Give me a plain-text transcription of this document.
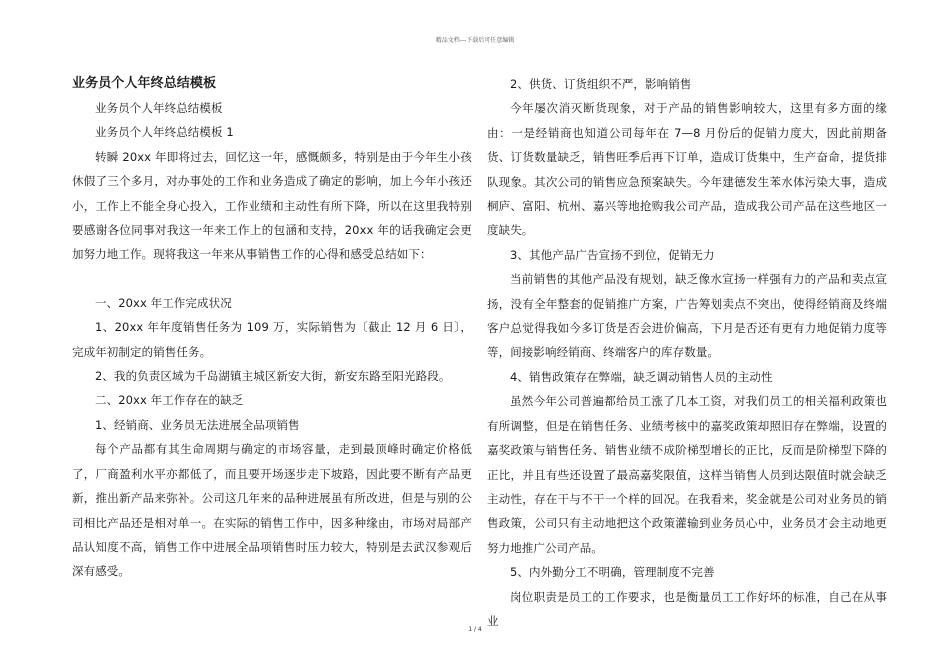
精品文档---下载后可任意编辑
业务员个人年终总结模板

业务员个人年终总结模板

业务员个人年终总结模板 1

转瞬 20xx 年即将过去，回忆这一年，感慨颇多，特别是由于今年生小孩休假了三个多月，对办事处的工作和业务造成了确定的影响，加上今年小孩还小，工作上不能全身心投入，工作业绩和主动性有所下降，所以在这里我特别要感谢各位同事对我这一年来工作上的包涵和支持，20xx 年的话我确定会更加努力地工作。现将我这一年来从事销售工作的心得和感受总结如下：

一、20xx 年工作完成状况

1、20xx 年年度销售任务为 109 万，实际销售为〔截止 12 月 6 日〕，完成年初制定的销售任务。

2、我的负责区域为千岛湖镇主城区新安大街，新安东路至阳光路段。

二、20xx 年工作存在的缺乏

1、经销商、业务员无法进展全品项销售

每个产品都有其生命周期与确定的市场容量，走到最顶峰时确定价格低了，厂商盈利水平亦都低了，而且要开场逐步走下坡路，因此要不断有产品更新，推出新产品来弥补。公司这几年来的品种进展虽有所改进，但是与别的公司相比产品还是相对单一。在实际的销售工作中，因多种缘由，市场对局部产品认知度不高，销售工作中进展全品项销售时压力较大，特别是去武汉参观后深有感受。

2、供货、订货组织不严，影响销售

今年屡次消灭断货现象，对于产品的销售影响较大，这里有多方面的缘由：一是经销商也知道公司每年在 7—8 月份后的促销力度大，因此前期备货、订货数量缺乏，销售旺季后再下订单，造成订货集中，生产奋命，提货排队现象。其次公司的销售应急预案缺失。今年建德发生苯水体污染大事，造成桐庐、富阳、杭州、嘉兴等地抢购我公司产品，造成我公司产品在这些地区一度缺失。

3、其他产品广告宣扬不到位，促销无力

当前销售的其他产品没有规划，缺乏像水宣扬一样强有力的产品和卖点宣扬，没有全年整套的促销推广方案，广告筹划卖点不突出，使得经销商及终端客户总觉得我如今多订货是否会进价偏高，下月是否还有更有力地促销力度等等，间接影响经销商、终端客户的库存数量。

4、销售政策存在弊端，缺乏调动销售人员的主动性

虽然今年公司普遍都给员工涨了几本工资，对我们员工的相关福利政策也有所调整，但是在销售任务、业绩考核中的嘉奖政策却照旧存在弊端，设置的嘉奖政策与销售任务、销售业绩不成阶梯型增长的正比，反而是阶梯型下降的正比，并且有些还设置了最高嘉奖限值，这样当销售人员到达限值时就会缺乏主动性，存在干与不干一个样的回况。在我看来，奖金就是公司对业务员的销售政策，公司只有主动地把这个政策灌输到业务员心中，业务员才会主动地更努力地推广公司产品。

5、内外勤分工不明确，管理制度不完善

岗位职责是员工的工作要求，也是衡量员工工作好坏的标准，自己在从事业

1 / 4
